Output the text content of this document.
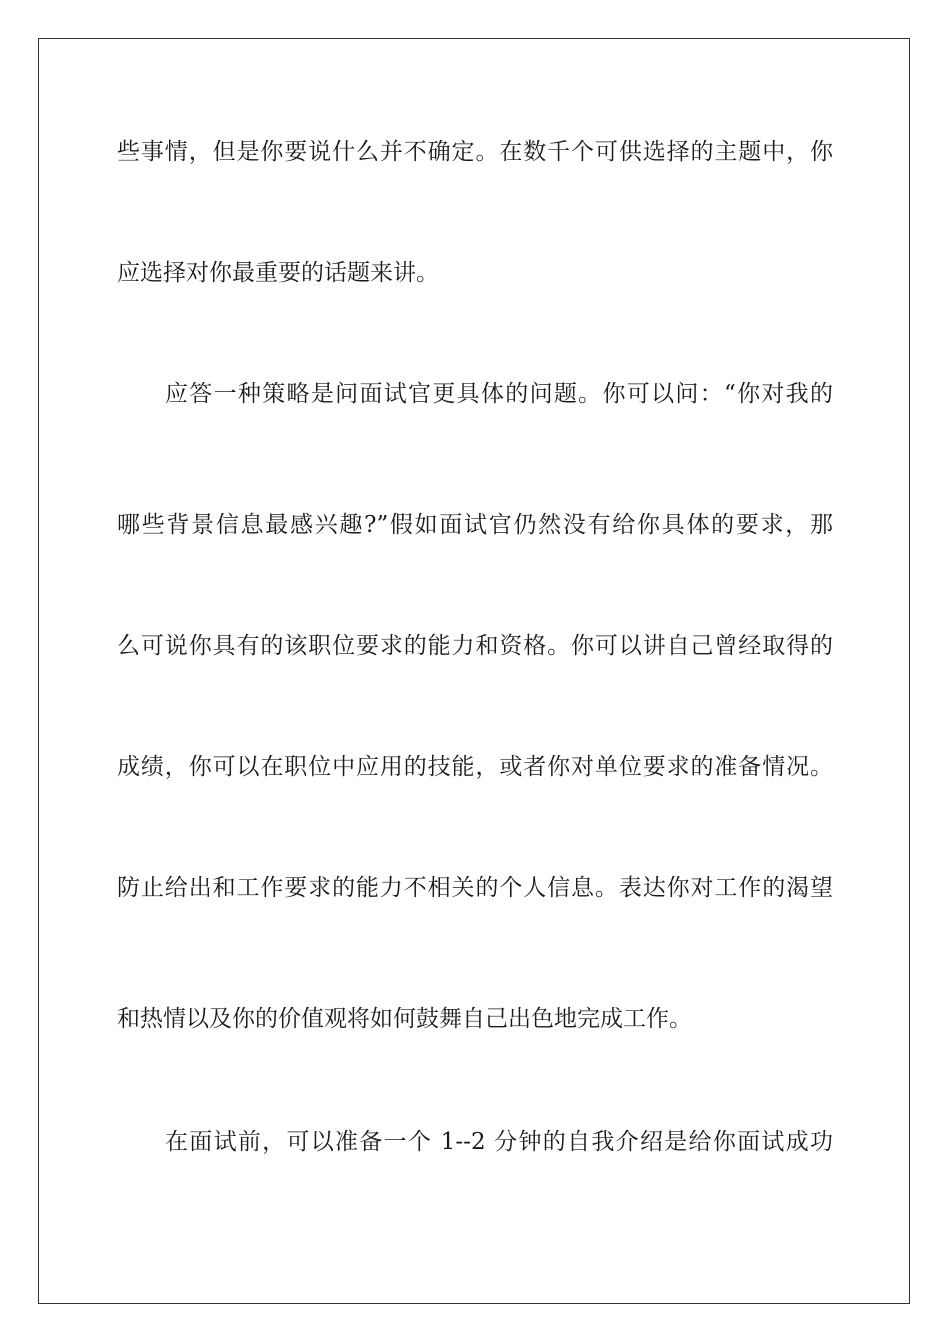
些事情，但是你要说什么并不确定。在数千个可供选择的主题中，你
应选择对你最重要的话题来讲。
应答一种策略是问面试官更具体的问题。你可以问：“你对我的
哪些背景信息最感兴趣?”假如面试官仍然没有给你具体的要求，那
么可说你具有的该职位要求的能力和资格。你可以讲自己曾经取得的
成绩，你可以在职位中应用的技能，或者你对单位要求的准备情况。
防止给出和工作要求的能力不相关的个人信息。表达你对工作的渴望
和热情以及你的价值观将如何鼓舞自己出色地完成工作。
在面试前，可以准备一个 1--2 分钟的自我介绍是给你面试成功
